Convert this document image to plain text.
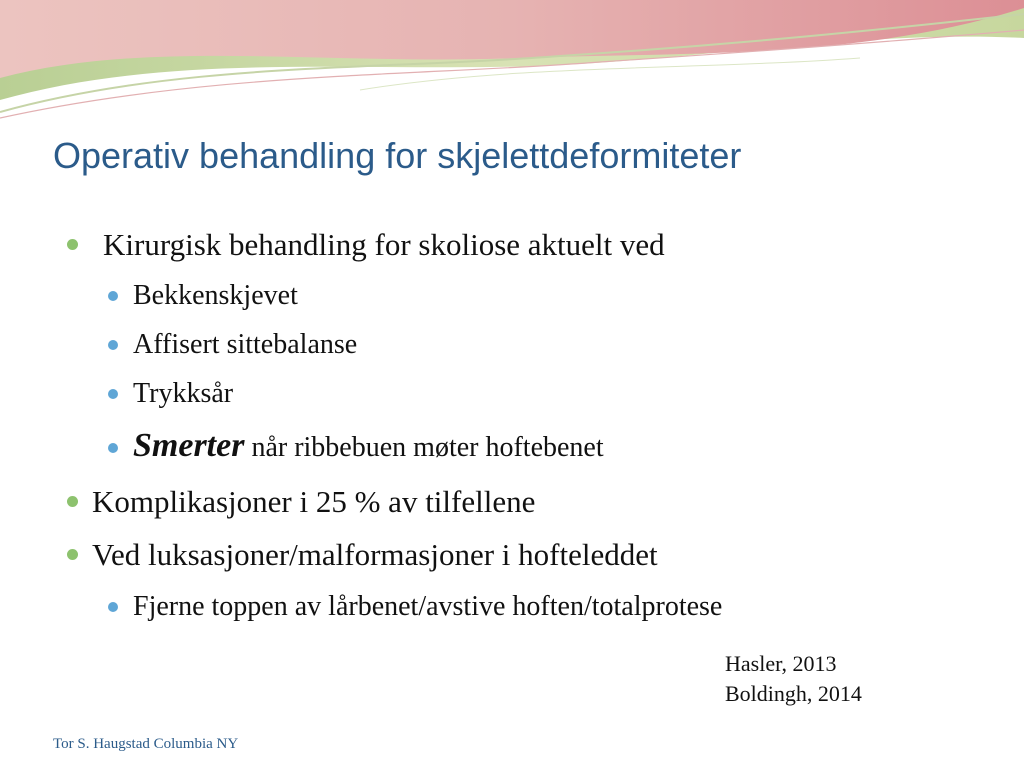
Operativ behandling for skjelettdeformiteter
Kirurgisk behandling for skoliose aktuelt ved
Bekkenskjevet
Affisert sittebalanse
Trykksår
Smerter når ribbebuen møter hoftebenet
Komplikasjoner i 25 % av tilfellene
Ved luksasjoner/malformasjoner i hofteleddet
Fjerne toppen av lårbenet/avstive hoften/totalprotese
Hasler, 2013
Boldingh, 2014
Tor S. Haugstad Columbia NY
